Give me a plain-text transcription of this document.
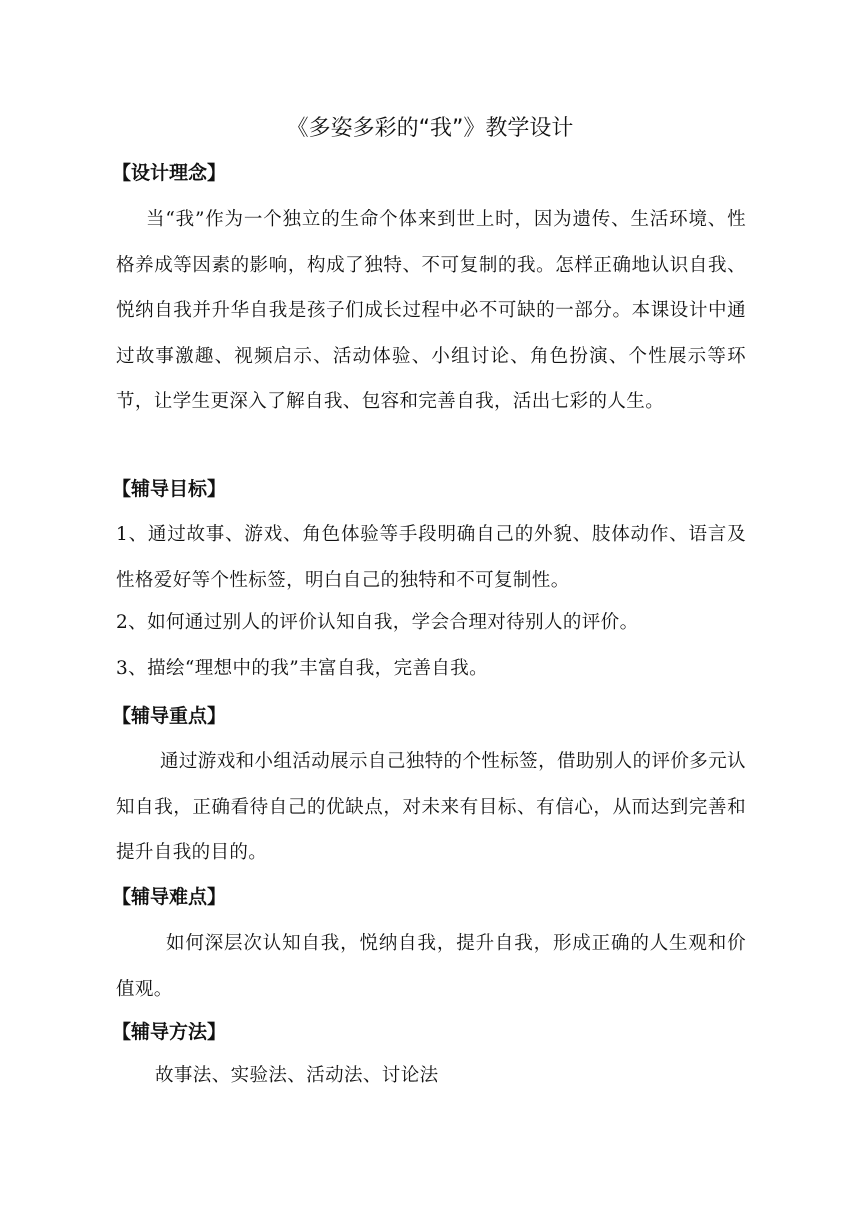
《多姿多彩的“我”》教学设计
【设计理念】
当“我”作为一个独立的生命个体来到世上时，因为遗传、生活环境、性格养成等因素的影响，构成了独特、不可复制的我。怎样正确地认识自我、悦纳自我并升华自我是孩子们成长过程中必不可缺的一部分。本课设计中通过故事激趣、视频启示、活动体验、小组讨论、角色扮演、个性展示等环节，让学生更深入了解自我、包容和完善自我，活出七彩的人生。
【辅导目标】
1、通过故事、游戏、角色体验等手段明确自己的外貌、肢体动作、语言及性格爱好等个性标签，明白自己的独特和不可复制性。
2、如何通过别人的评价认知自我，学会合理对待别人的评价。
3、描绘“理想中的我”丰富自我，完善自我。
【辅导重点】
通过游戏和小组活动展示自己独特的个性标签，借助别人的评价多元认知自我，正确看待自己的优缺点，对未来有目标、有信心，从而达到完善和提升自我的目的。
【辅导难点】
如何深层次认知自我，悦纳自我，提升自我，形成正确的人生观和价值观。
【辅导方法】
故事法、实验法、活动法、讨论法
